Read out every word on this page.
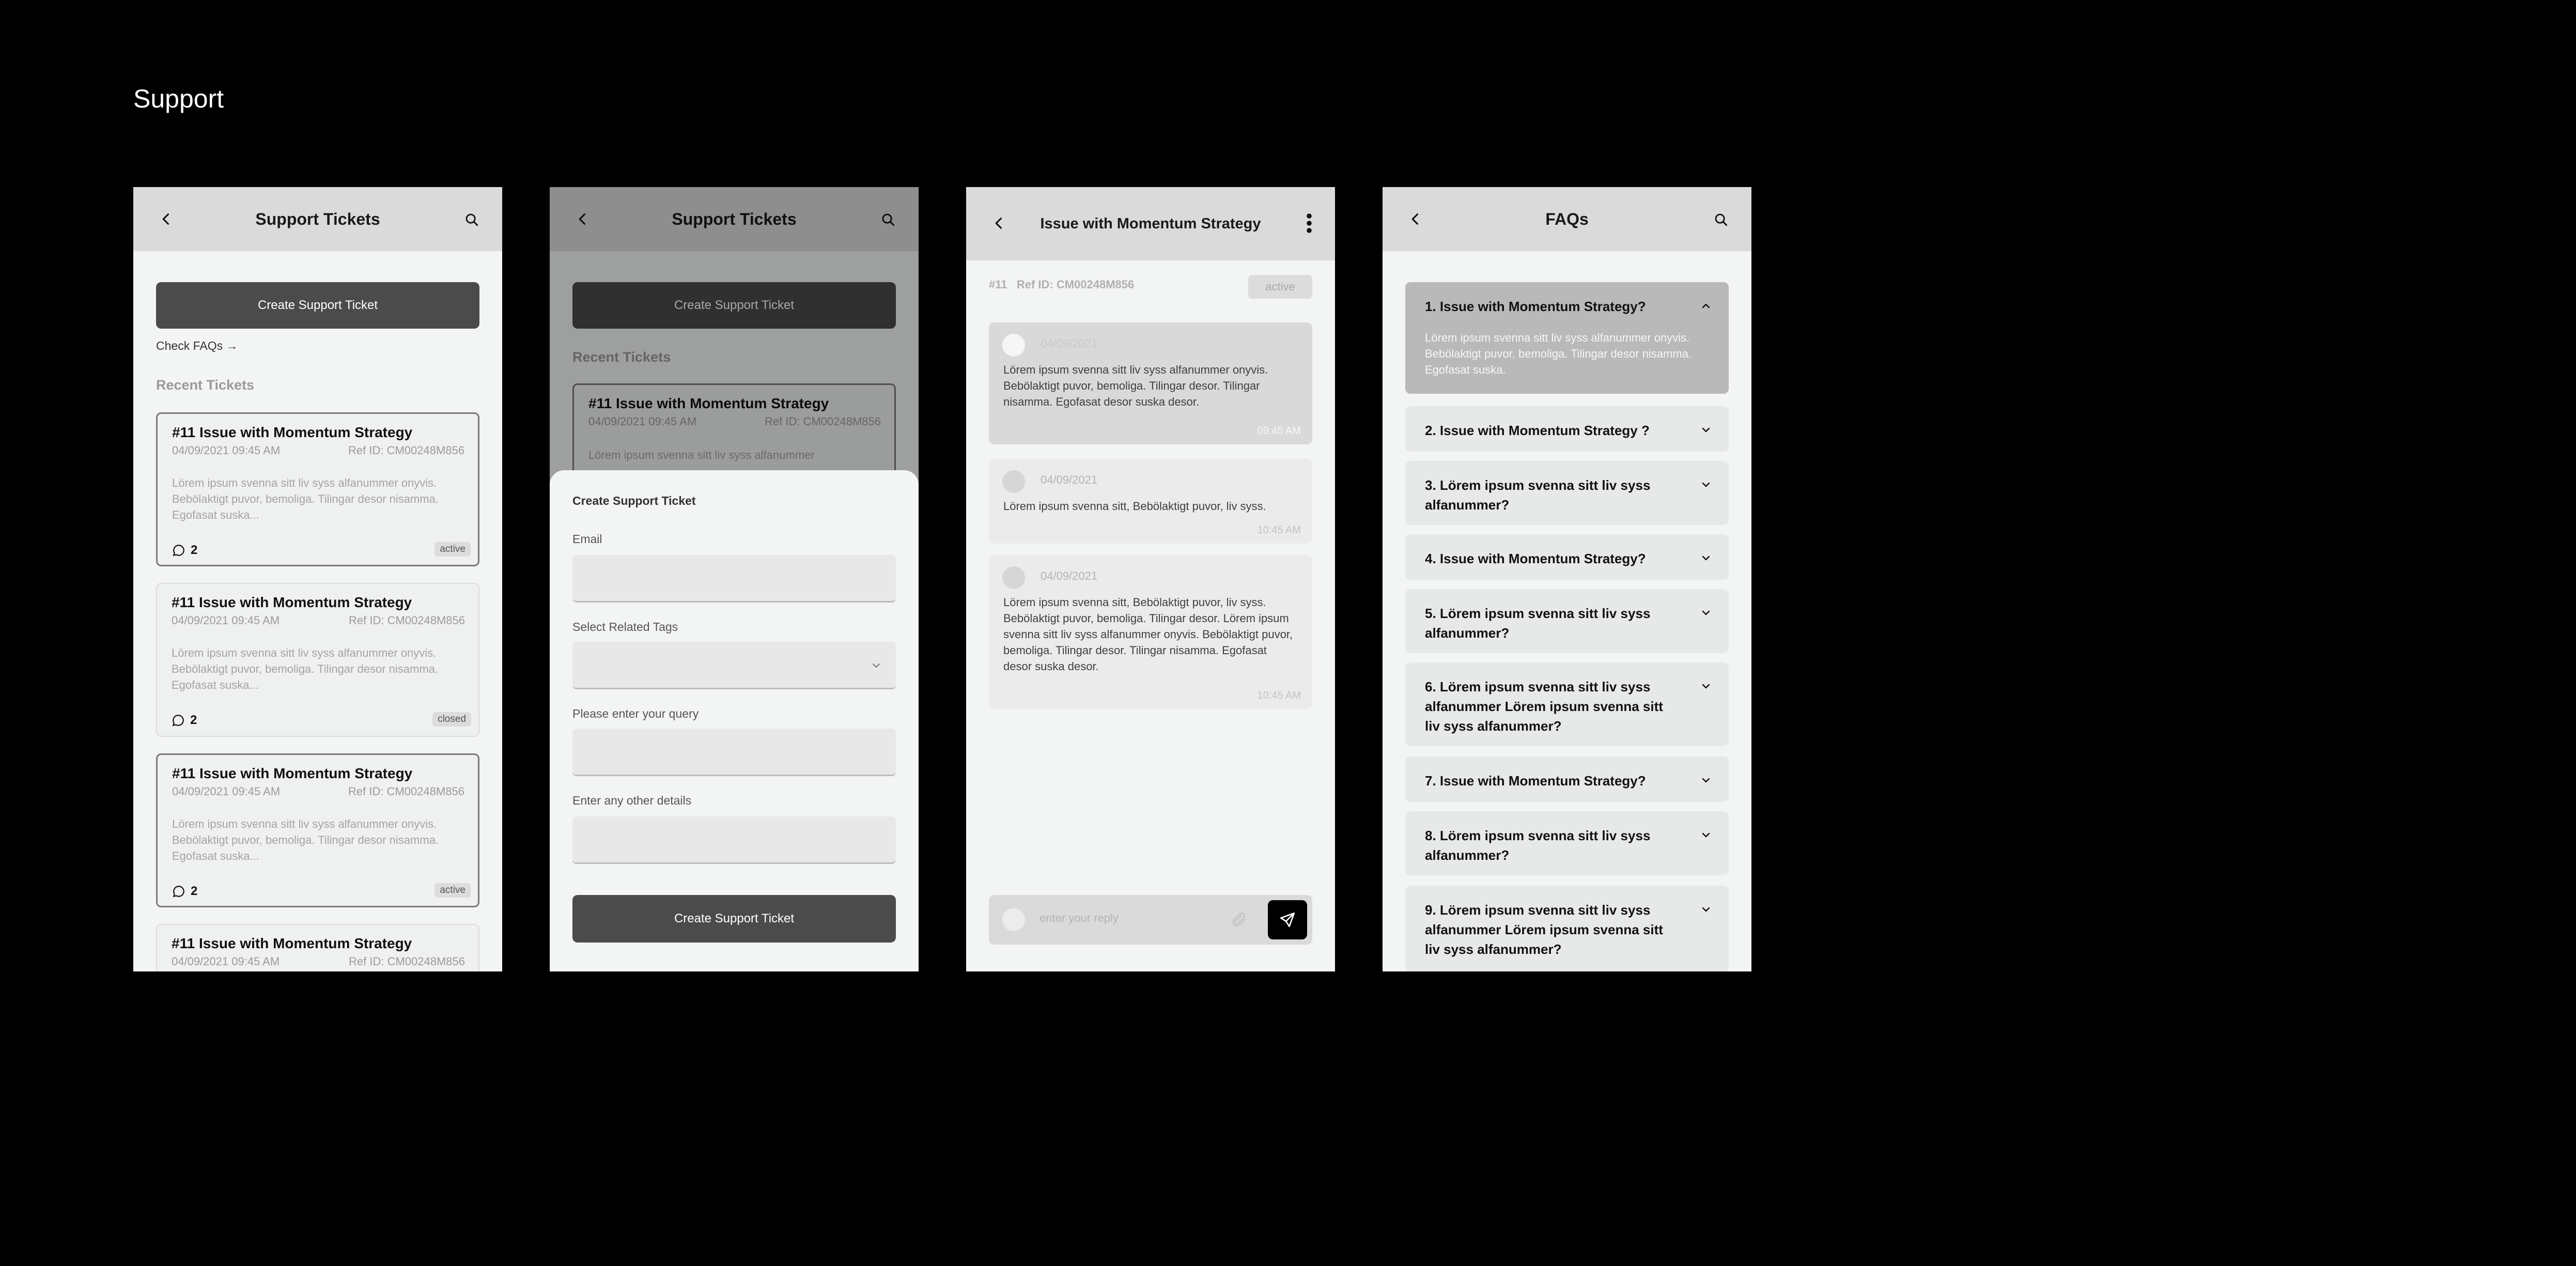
Support
Support Tickets
Create Support Ticket
Check FAQs →
Recent Tickets
#11 Issue with Momentum Strategy
04/09/2021 09:45 AM	Ref ID: CM00248M856
Lörem ipsum svenna sitt liv syss alfanummer onyvis. Bebölaktigt puvor, bemoliga. Tilingar desor nisamma. Egofasat suska...
2	active
#11 Issue with Momentum Strategy
04/09/2021 09:45 AM	Ref ID: CM00248M856
Lörem ipsum svenna sitt liv syss alfanummer onyvis. Bebölaktigt puvor, bemoliga. Tilingar desor nisamma. Egofasat suska...
2	closed
#11 Issue with Momentum Strategy
04/09/2021 09:45 AM	Ref ID: CM00248M856
Lörem ipsum svenna sitt liv syss alfanummer onyvis. Bebölaktigt puvor, bemoliga. Tilingar desor nisamma. Egofasat suska...
2	active
#11 Issue with Momentum Strategy
04/09/2021 09:45 AM	Ref ID: CM00248M856
Support Tickets
Create Support Ticket
Recent Tickets
#11 Issue with Momentum Strategy
04/09/2021 09:45 AM	Ref ID: CM00248M856
Lörem ipsum svenna sitt liv syss alfanummer
Create Support Ticket
Email
Select Related Tags
Please enter your query
Enter any other details
Create Support Ticket
Issue with Momentum Strategy
#11 Ref ID: CM00248M856	active
04/09/2021
Lörem ipsum svenna sitt liv syss alfanummer onyvis. Bebölaktigt puvor, bemoliga. Tilingar desor. Tilingar nisamma. Egofasat desor suska desor.
09:45 AM
04/09/2021
Lörem ipsum svenna sitt, Bebölaktigt puvor, liv syss.
10:45 AM
04/09/2021
Lörem ipsum svenna sitt, Bebölaktigt puvor, liv syss. Bebölaktigt puvor, bemoliga. Tilingar desor. Lörem ipsum svenna sitt liv syss alfanummer onyvis. Bebölaktigt puvor, bemoliga. Tilingar desor. Tilingar nisamma. Egofasat desor suska desor.
10:45 AM
enter your reply
FAQs
1. Issue with Momentum Strategy?
Lörem ipsum svenna sitt liv syss alfanummer onyvis. Bebölaktigt puvor, bemoliga. Tilingar desor nisamma. Egofasat suska.
2. Issue with Momentum Strategy ?
3. Lörem ipsum svenna sitt liv syss alfanummer?
4. Issue with Momentum Strategy?
5. Lörem ipsum svenna sitt liv syss alfanummer?
6. Lörem ipsum svenna sitt liv syss alfanummer Lörem ipsum svenna sitt liv syss alfanummer?
7. Issue with Momentum Strategy?
8. Lörem ipsum svenna sitt liv syss alfanummer?
9. Lörem ipsum svenna sitt liv syss alfanummer Lörem ipsum svenna sitt liv syss alfanummer?
